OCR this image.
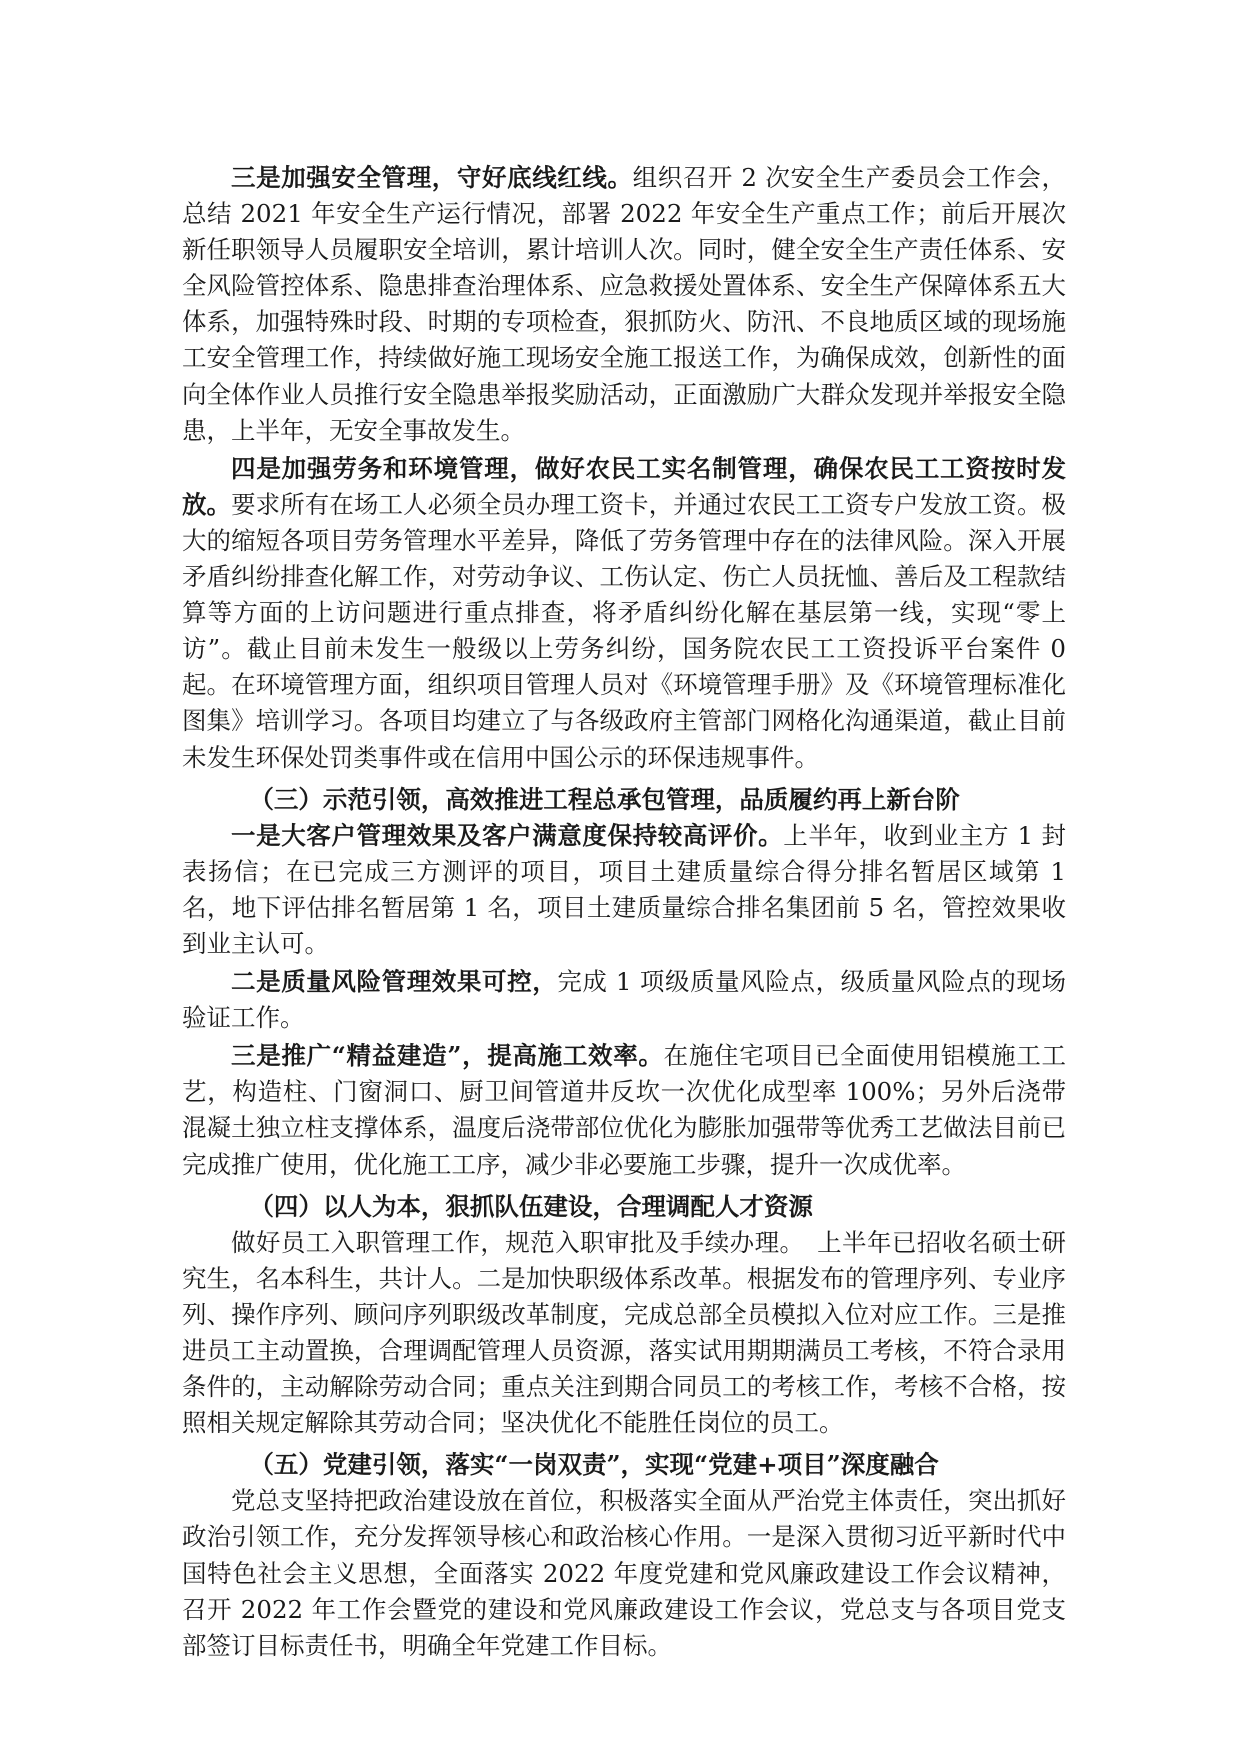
三是加强安全管理，守好底线红线。组织召开 2 次安全生产委员会工作会，总结 2021 年安全生产运行情况，部署 2022 年安全生产重点工作；前后开展次新任职领导人员履职安全培训，累计培训人次。同时，健全安全生产责任体系、安全风险管控体系、隐患排查治理体系、应急救援处置体系、安全生产保障体系五大体系，加强特殊时段、时期的专项检查，狠抓防火、防汛、不良地质区域的现场施工安全管理工作，持续做好施工现场安全施工报送工作，为确保成效，创新性的面向全体作业人员推行安全隐患举报奖励活动，正面激励广大群众发现并举报安全隐患，上半年，无安全事故发生。

四是加强劳务和环境管理，做好农民工实名制管理，确保农民工工资按时发放。要求所有在场工人必须全员办理工资卡，并通过农民工工资专户发放工资。极大的缩短各项目劳务管理水平差异，降低了劳务管理中存在的法律风险。深入开展矛盾纠纷排查化解工作，对劳动争议、工伤认定、伤亡人员抚恤、善后及工程款结算等方面的上访问题进行重点排查，将矛盾纠纷化解在基层第一线，实现“零上访”。截止目前未发生一般级以上劳务纠纷，国务院农民工工资投诉平台案件 0 起。在环境管理方面，组织项目管理人员对《环境管理手册》及《环境管理标准化图集》培训学习。各项目均建立了与各级政府主管部门网格化沟通渠道，截止目前未发生环保处罚类事件或在信用中国公示的环保违规事件。

（三）示范引领，高效推进工程总承包管理，品质履约再上新台阶

一是大客户管理效果及客户满意度保持较高评价。上半年，收到业主方 1 封表扬信；在已完成三方测评的项目，项目土建质量综合得分排名暂居区域第 1 名，地下评估排名暂居第 1 名，项目土建质量综合排名集团前 5 名，管控效果收到业主认可。

二是质量风险管理效果可控，完成 1 项级质量风险点，级质量风险点的现场验证工作。

三是推广“精益建造”，提高施工效率。在施住宅项目已全面使用铝模施工工艺，构造柱、门窗洞口、厨卫间管道井反坎一次优化成型率 100%；另外后浇带混凝土独立柱支撑体系，温度后浇带部位优化为膨胀加强带等优秀工艺做法目前已完成推广使用，优化施工工序，减少非必要施工步骤，提升一次成优率。

（四）以人为本，狠抓队伍建设，合理调配人才资源

做好员工入职管理工作，规范入职审批及手续办理。　上半年已招收名硕士研究生，名本科生，共计人。二是加快职级体系改革。根据发布的管理序列、专业序列、操作序列、顾问序列职级改革制度，完成总部全员模拟入位对应工作。三是推进员工主动置换，合理调配管理人员资源，落实试用期期满员工考核，不符合录用条件的，主动解除劳动合同；重点关注到期合同员工的考核工作，考核不合格，按照相关规定解除其劳动合同；坚决优化不能胜任岗位的员工。

（五）党建引领，落实“一岗双责”，实现“党建+项目”深度融合

党总支坚持把政治建设放在首位，积极落实全面从严治党主体责任，突出抓好政治引领工作，充分发挥领导核心和政治核心作用。一是深入贯彻习近平新时代中国特色社会主义思想，全面落实 2022 年度党建和党风廉政建设工作会议精神，召开 2022 年工作会暨党的建设和党风廉政建设工作会议，党总支与各项目党支部签订目标责任书，明确全年党建工作目标。
